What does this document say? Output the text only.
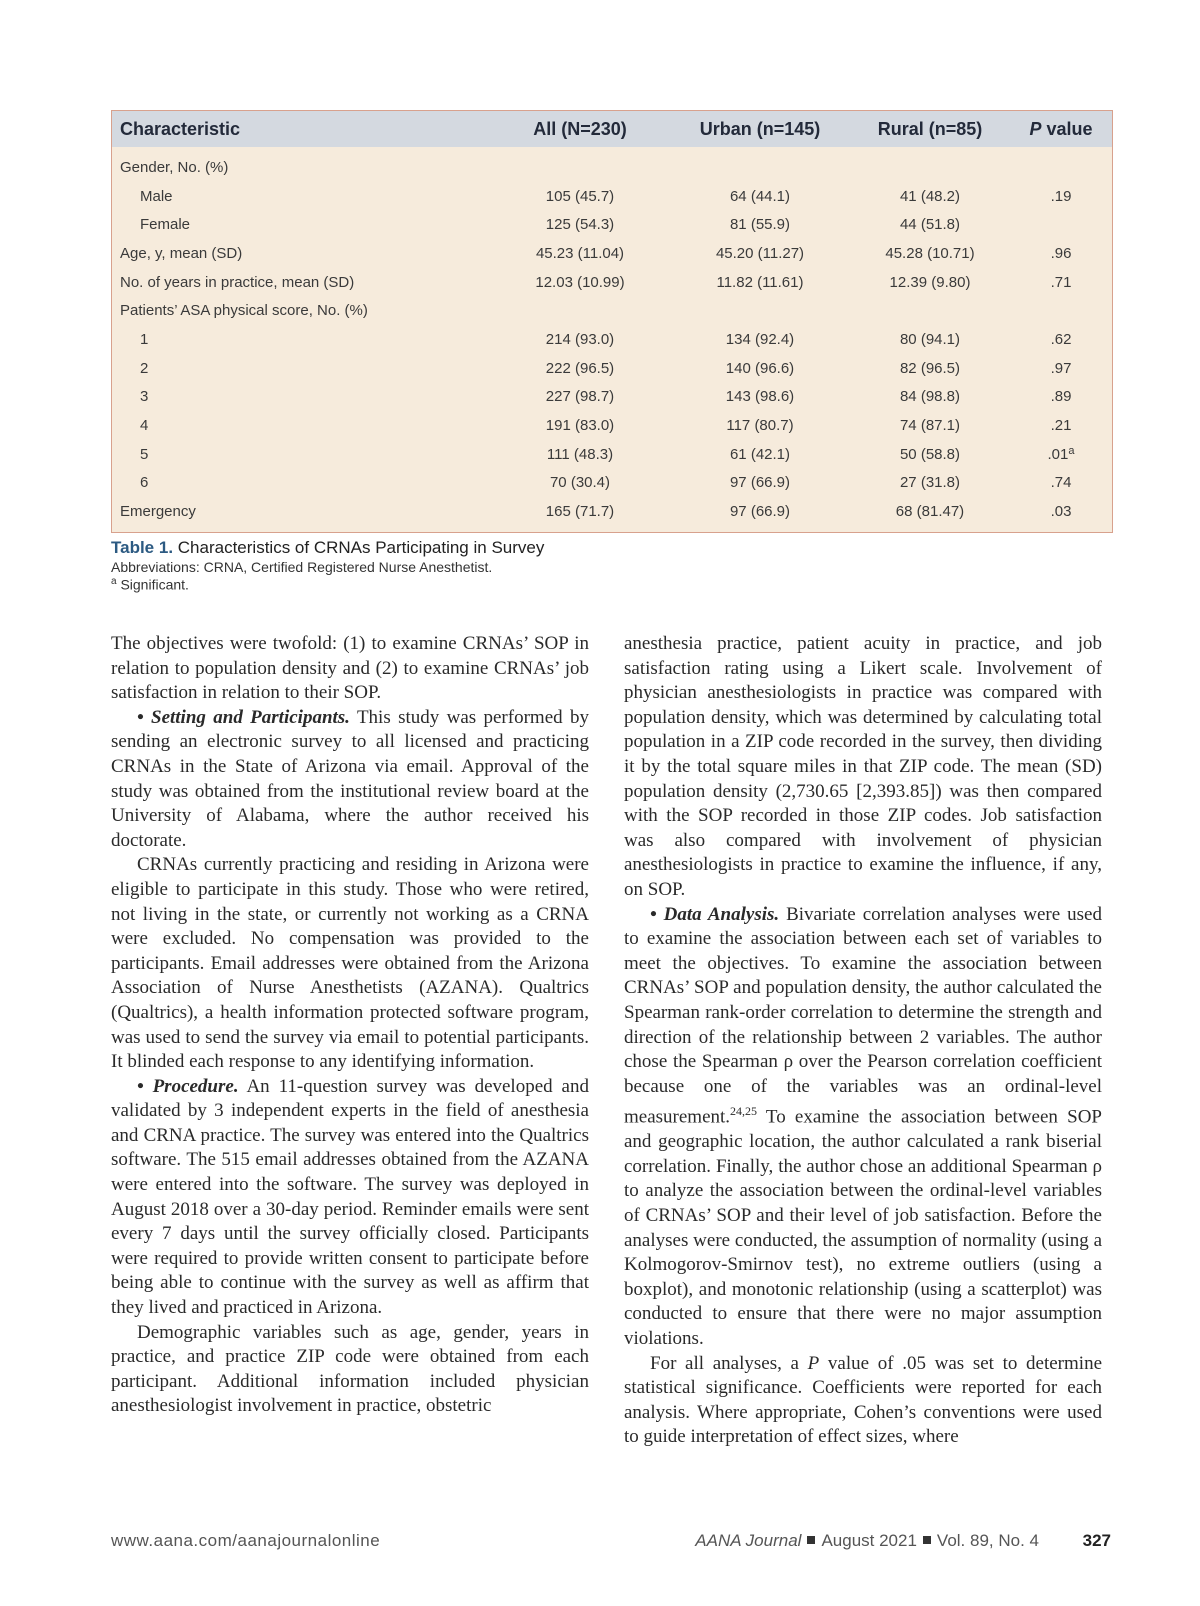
Characteristic	All (N=230)	Urban (n=145)	Rural (n=85)	P value
Gender, No. (%)				
Male	105 (45.7)	64 (44.1)	41 (48.2)	.19
Female	125 (54.3)	81 (55.9)	44 (51.8)	
Age, y, mean (SD)	45.23 (11.04)	45.20 (11.27)	45.28 (10.71)	.96
No. of years in practice, mean (SD)	12.03 (10.99)	11.82 (11.61)	12.39 (9.80)	.71
Patients’ ASA physical score, No. (%)				
1	214 (93.0)	134 (92.4)	80 (94.1)	.62
2	222 (96.5)	140 (96.6)	82 (96.5)	.97
3	227 (98.7)	143 (98.6)	84 (98.8)	.89
4	191 (83.0)	117 (80.7)	74 (87.1)	.21
5	111 (48.3)	61 (42.1)	50 (58.8)	.01$^a$
6	70 (30.4)	97 (66.9)	27 (31.8)	.74
Emergency	165 (71.7)	97 (66.9)	68 (81.47)	.03
Table 1. Characteristics of CRNAs Participating in Survey
Abbreviations: CRNA, Certified Registered Nurse Anesthetist.
$^a$ Significant.

The objectives were twofold: (1) to examine CRNAs’ SOP in relation to population density and (2) to examine CRNAs’ job satisfaction in relation to their SOP.

• Setting and Participants. This study was performed by sending an electronic survey to all licensed and practicing CRNAs in the State of Arizona via email. Approval of the study was obtained from the institutional review board at the University of Alabama, where the author received his doctorate.

CRNAs currently practicing and residing in Arizona were eligible to participate in this study. Those who were retired, not living in the state, or currently not working as a CRNA were excluded. No compensation was provided to the participants. Email addresses were obtained from the Arizona Association of Nurse Anesthetists (AZANA). Qualtrics (Qualtrics), a health information protected software program, was used to send the survey via email to potential participants. It blinded each response to any identifying information.

• Procedure. An 11-question survey was developed and validated by 3 independent experts in the field of anesthesia and CRNA practice. The survey was entered into the Qualtrics software. The 515 email addresses obtained from the AZANA were entered into the software. The survey was deployed in August 2018 over a 30-day period. Reminder emails were sent every 7 days until the survey officially closed. Participants were required to provide written consent to participate before being able to continue with the survey as well as affirm that they lived and practiced in Arizona.

Demographic variables such as age, gender, years in practice, and practice ZIP code were obtained from each participant. Additional information included physician anesthesiologist involvement in practice, obstetric

anesthesia practice, patient acuity in practice, and job satisfaction rating using a Likert scale. Involvement of physician anesthesiologists in practice was compared with population density, which was determined by calculating total population in a ZIP code recorded in the survey, then dividing it by the total square miles in that ZIP code. The mean (SD) population density (2,730.65 [2,393.85]) was then compared with the SOP recorded in those ZIP codes. Job satisfaction was also compared with involvement of physician anesthesiologists in practice to examine the influence, if any, on SOP.

• Data Analysis. Bivariate correlation analyses were used to examine the association between each set of variables to meet the objectives. To examine the association between CRNAs’ SOP and population density, the author calculated the Spearman rank-order correlation to determine the strength and direction of the relationship between 2 variables. The author chose the Spearman ρ over the Pearson correlation coefficient because one of the variables was an ordinal-level measurement.$^{24,25}$ To examine the association between SOP and geographic location, the author calculated a rank biserial correlation. Finally, the author chose an additional Spearman ρ to analyze the association between the ordinal-level variables of CRNAs’ SOP and their level of job satisfaction. Before the analyses were conducted, the assumption of normality (using a Kolmogorov-Smirnov test), no extreme outliers (using a boxplot), and monotonic relationship (using a scatterplot) was conducted to ensure that there were no major assumption violations.

For all analyses, a P value of .05 was set to determine statistical significance. Coefficients were reported for each analysis. Where appropriate, Cohen’s conventions were used to guide interpretation of effect sizes, where

www.aana.com/aanajournalonline	AANA Journal August 2021 Vol. 89, No. 4	327
